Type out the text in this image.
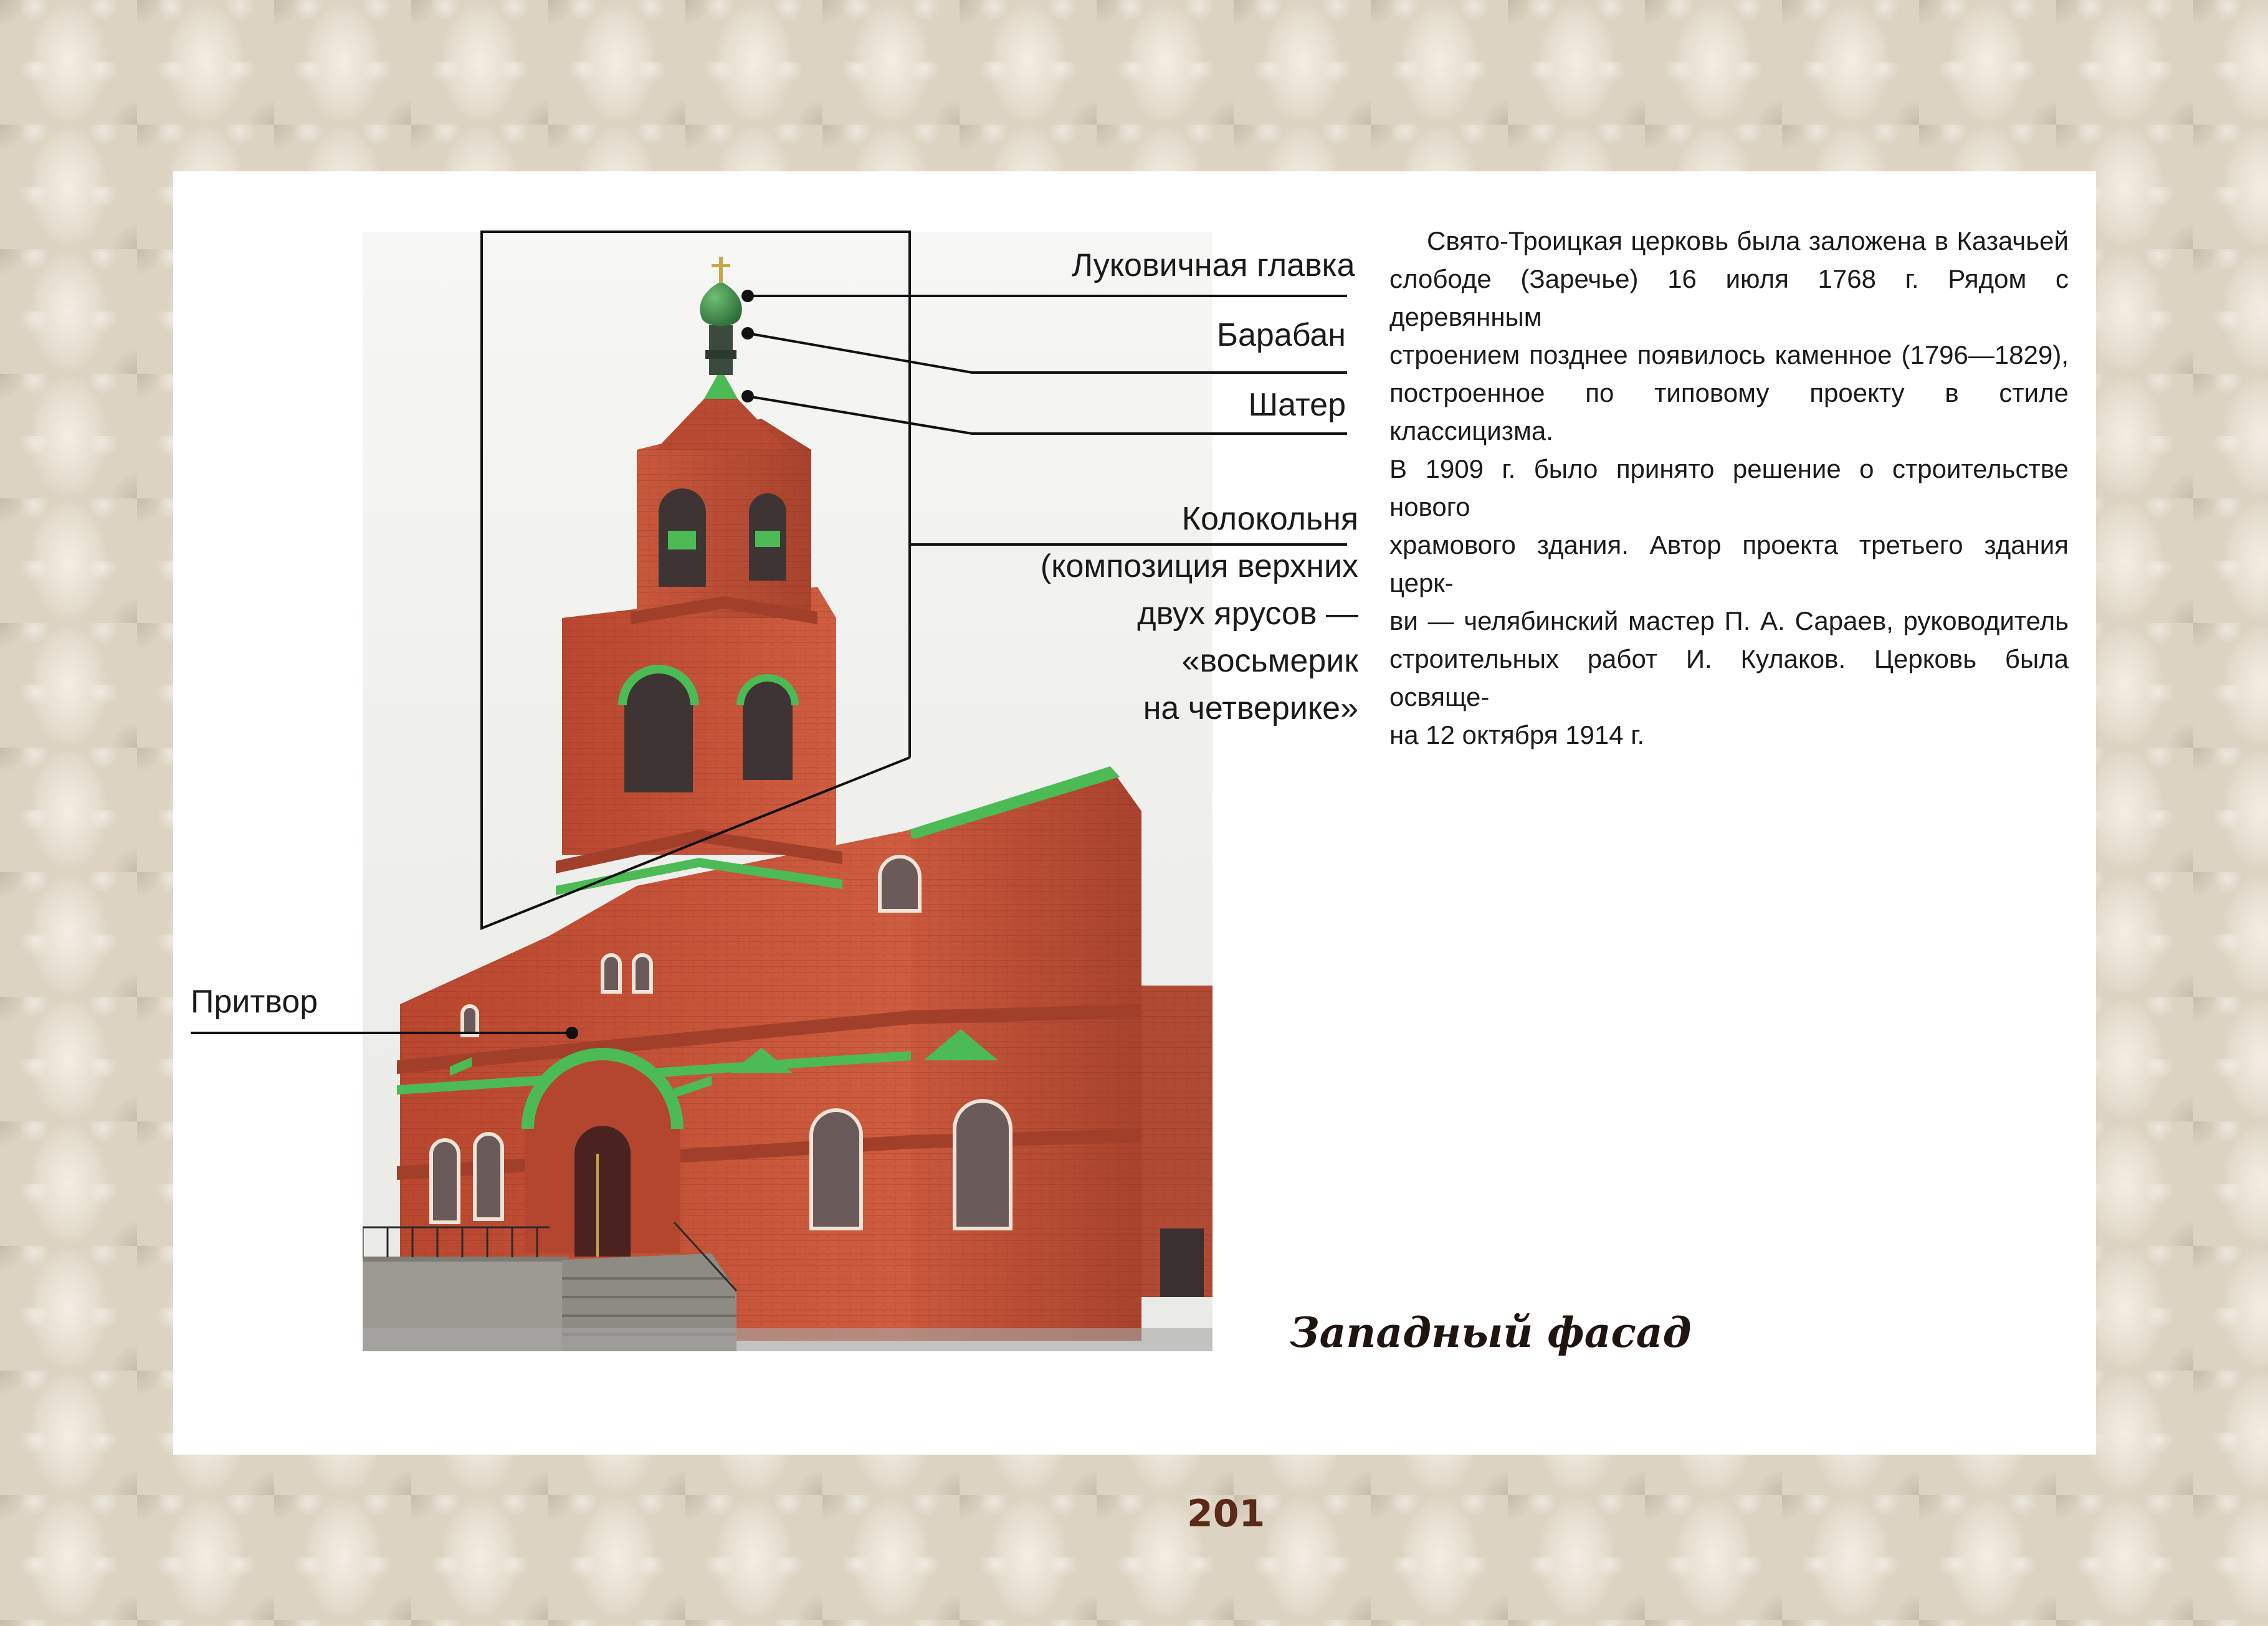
Луковичная главка
Барабан
Шатер
Колокольня
(композиция верхних
двух ярусов —
«восьмерик
на четверике»
Притвор
Свято-Троицкая церковь была заложена в Казачьей
слободе (Заречье) 16 июля 1768 г. Рядом с деревянным
строением позднее появилось каменное (1796—1829),
построенное по типовому проекту в стиле классицизма.
В 1909 г. было принято решение о строительстве нового
храмового здания. Автор проекта третьего здания церк-
ви — челябинский мастер П. А. Сараев, руководитель
строительных работ И. Кулаков. Церковь была освяще-
на 12 октября 1914 г.
Западный фасад
201
